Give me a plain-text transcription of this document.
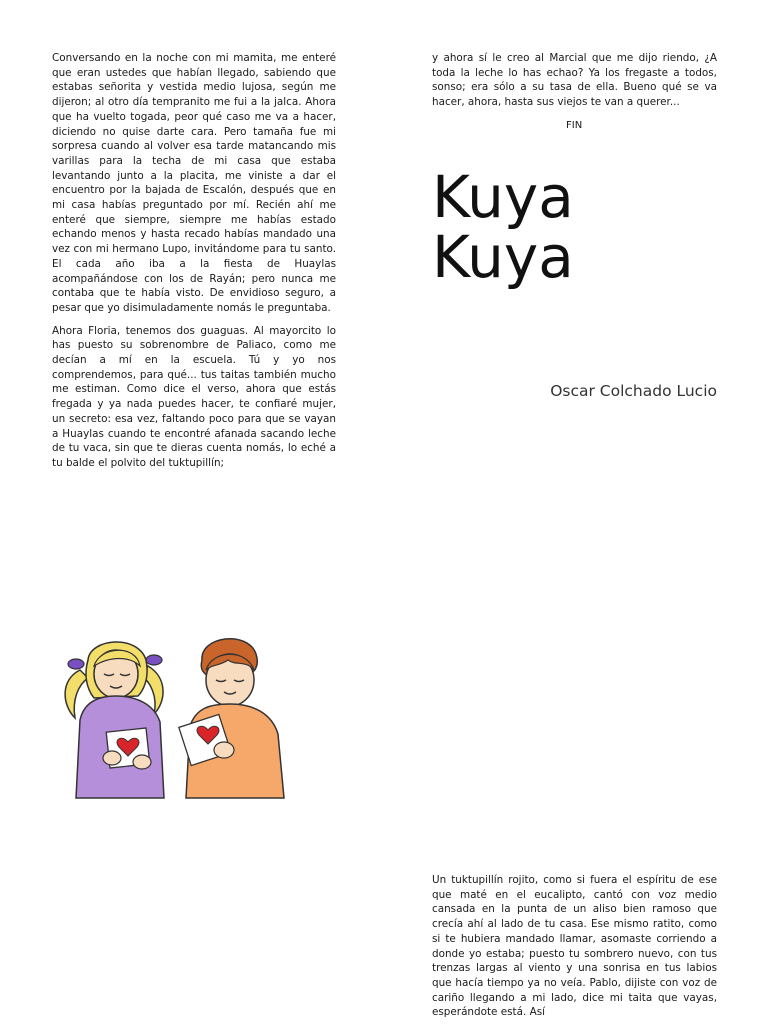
Conversando en la noche con mi mamita, me enteré que eran ustedes que habían llegado, sabiendo que estabas señorita y vestida medio lujosa, según me dijeron; al otro día tempranito me fui a la jalca. Ahora que ha vuelto togada, peor qué caso me va a hacer, diciendo no quise darte cara. Pero tamaña fue mi sorpresa cuando al volver esa tarde matancando mis varillas para la techa de mi casa que estaba levantando junto a la placita, me viniste a dar el encuentro por la bajada de Escalón, después que en mi casa habías preguntado por mí. Recién ahí me enteré que siempre, siempre me habías estado echando menos y hasta recado habías mandado una vez con mi hermano Lupo, invitándome para tu santo. El cada año iba a la fiesta de Huaylas acompañándose con los de Rayán; pero nunca me contaba que te había visto. De envidioso seguro, a pesar que yo disimuladamente nomás le preguntaba.

Ahora Floria, tenemos dos guaguas. Al mayorcito lo has puesto su sobrenombre de Paliaco, como me decían a mí en la escuela. Tú y yo nos comprendemos, para qué... tus taitas también mucho me estiman. Como dice el verso, ahora que estás fregada y ya nada puedes hacer, te confiaré mujer, un secreto: esa vez, faltando poco para que se vayan a Huaylas cuando te encontré afanada sacando leche de tu vaca, sin que te dieras cuenta nomás, lo eché a tu balde el polvito del tuktupillín;

y ahora sí le creo al Marcial que me dijo riendo, ¿A toda la leche lo has echao? Ya los fregaste a todos, sonso; era sólo a su tasa de ella. Bueno qué se va hacer, ahora, hasta sus viejos te van a querer...

FIN
Kuya
Kuya
Oscar Colchado Lucio

Un tuktupillín rojito, como si fuera el espíritu de ese que maté en el eucalipto, cantó con voz medio cansada en la punta de un aliso bien ramoso que crecía ahí al lado de tu casa. Ese mismo ratito, como si te hubiera mandado llamar, asomaste corriendo a donde yo estaba; puesto tu sombrero nuevo, con tus trenzas largas al viento y una sonrisa en tus labios que hacía tiempo ya no veía. Pablo, dijiste con voz de cariño llegando a mi lado, dice mi taita que vayas, esperándote está. Así
